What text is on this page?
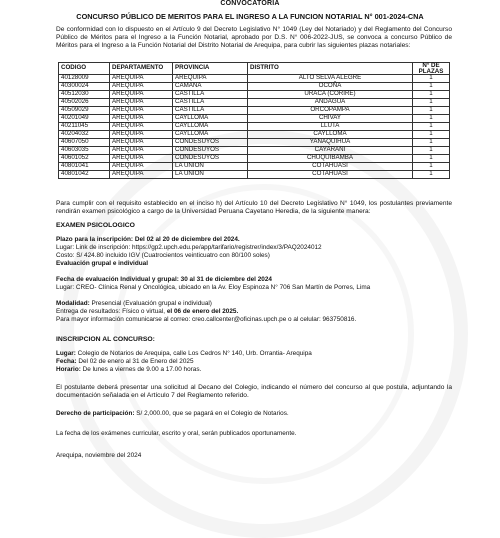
CONVOCATORIA
CONCURSO PÚBLICO DE MERITOS PARA EL INGRESO A LA FUNCION NOTARIAL N° 001-2024-CNA
De conformidad con lo dispuesto en el Artículo 9 del Decreto Legislativo N° 1049 (Ley del Notariado) y del Reglamento del Concurso Público de Méritos para el Ingreso a la Función Notarial, aprobado por D.S. N° 006-2022-JUS, se convoca a concurso Público de Méritos para el Ingreso a la Función Notarial del Distrito Notarial de Arequipa, para cubrir las siguientes plazas notariales:
CODIGO	DEPARTAMENTO	PROVINCIA	DISTRITO	N° DE PLAZAS
40128009	AREQUIPA	AREQUIPA	ALTO SELVA ALEGRE	1
40300024	AREQUIPA	CAMANA	OCOÑA	1
40512030	AREQUIPA	CASTILLA	URACA (CORIRE)	1
40502026	AREQUIPA	CASTILLA	ANDAGUA	1
40509029	AREQUIPA	CASTILLA	ORCOPAMPA	1
40201049	AREQUIPA	CAYLLOMA	CHIVAY	1
40211045	AREQUIPA	CAYLLOMA	LLUTA	1
40204032	AREQUIPA	CAYLLOMA	CAYLLOMA	1
40607050	AREQUIPA	CONDESUYOS	YANAQUIHUA	1
40603035	AREQUIPA	CONDESUYOS	CAYARANI	1
40601052	AREQUIPA	CONDESUYOS	CHUQUIBAMBA	1
40801041	AREQUIPA	LA UNION	COTAHUASI	1
40801042	AREQUIPA	LA UNION	COTAHUASI	1
Para cumplir con el requisito establecido en el inciso h) del Artículo 10 del Decreto Legislativo N° 1049, los postulantes previamente rendirán examen psicológico a cargo de la Universidad Peruana Cayetano Heredia, de la siguiente manera:
EXAMEN PSICOLOGICO
Plazo para la inscripción: Del 02 al 20 de diciembre del 2024.
Lugar: Link de inscripción: https://gp2.upch.edu.pe/app/tarifario/registrer/index/3/PAQ2024012
Costo: S/ 424.80 incluido IGV (Cuatrocientos veinticuatro con 80/100 soles)
Evaluación grupal e individual
Fecha de evaluación Individual y grupal: 30 al 31 de diciembre del 2024
Lugar: CREO- Clínica Renal y Oncológica, ubicado en la Av. Eloy Espinoza N° 706 San Martín de Porres, Lima
Modalidad: Presencial (Evaluación grupal e individual)
Entrega de resultados: Físico o virtual, el 06 de enero del 2025.
Para mayor información comunicarse al correo: creo.callcenter@oficinas.upch.pe o al celular: 963750816.
INSCRIPCION AL CONCURSO:
Lugar: Colegio de Notarios de Arequipa, calle Los Cedros N° 140, Urb. Orrantia- Arequipa
Fecha: Del 02 de enero al 31 de Enero del 2025
Horario: De lunes a viernes de 9.00 a 17.00 horas.
El postulante deberá presentar una solicitud al Decano del Colegio, indicando el número del concurso al que postula, adjuntando la documentación señalada en el Artículo 7 del Reglamento referido.
Derecho de participación: S/ 2,000.00, que se pagará en el Colegio de Notarios.
La fecha de los exámenes curricular, escrito y oral, serán publicados oportunamente.
Arequipa, noviembre del 2024
